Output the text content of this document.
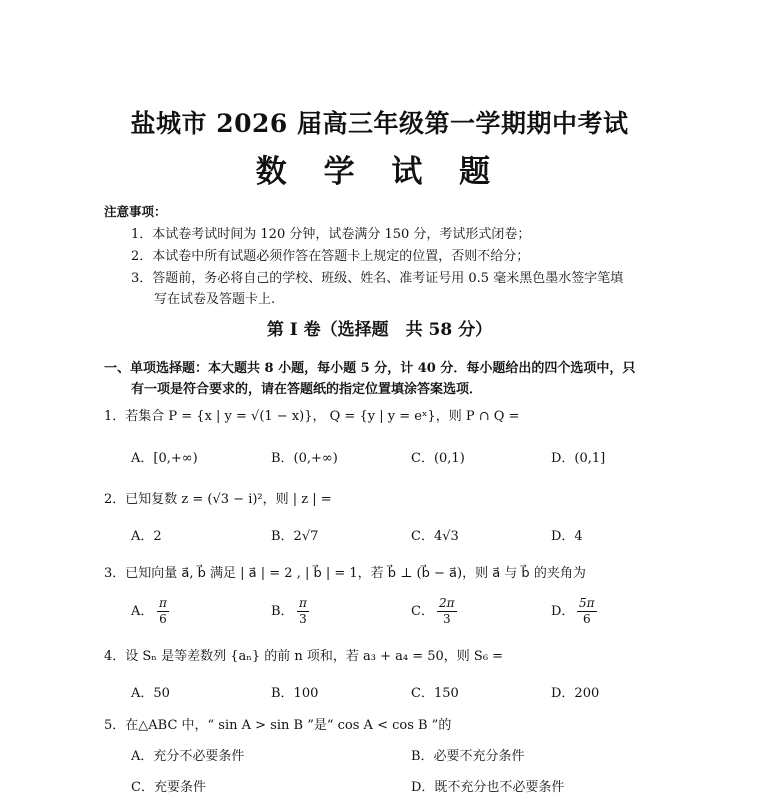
盐城市 2026 届高三年级第一学期期中考试
数 学 试 题
注意事项：
1．本试卷考试时间为 120 分钟，试卷满分 150 分，考试形式闭卷；
2．本试卷中所有试题必须作答在答题卡上规定的位置，否则不给分；
3．答题前，务必将自己的学校、班级、姓名、准考证号用 0.5 毫米黑色墨水签字笔填
写在试卷及答题卡上.
第 I 卷（选择题　共 58 分）
一、单项选择题：本大题共 8 小题，每小题 5 分，计 40 分．每小题给出的四个选项中，只
有一项是符合要求的，请在答题纸的指定位置填涂答案选项．
1．若集合 P = {x | y = √(1 − x)}， Q = {y | y = eˣ}，则 P ∩ Q =
A．[0,+∞)	B．(0,+∞)	C．(0,1)	D．(0,1]
2．已知复数 z = (√3 − i)²，则 | z | =
A．2	B．2√7	C．4√3	D．4
3．已知向量 a⃗, b⃗ 满足 | a⃗ | = 2 , | b⃗ | = 1，若 b⃗ ⊥ (b⃗ − a⃗)，则 a⃗ 与 b⃗ 的夹角为
A． $\frac{\pi}{6}$	B． $\frac{\pi}{3}$	C． $\frac{2\pi}{3}$	D． $\frac{5\pi}{6}$
4．设 Sₙ 是等差数列 {aₙ} 的前 n 项和，若 a₃ + a₄ = 50，则 S₆ =
A．50	B．100	C．150	D．200
5．在△ABC 中，“ sin A > sin B ”是“ cos A < cos B ”的
A．充分不必要条件	B．必要不充分条件
C．充要条件	D．既不充分也不必要条件
